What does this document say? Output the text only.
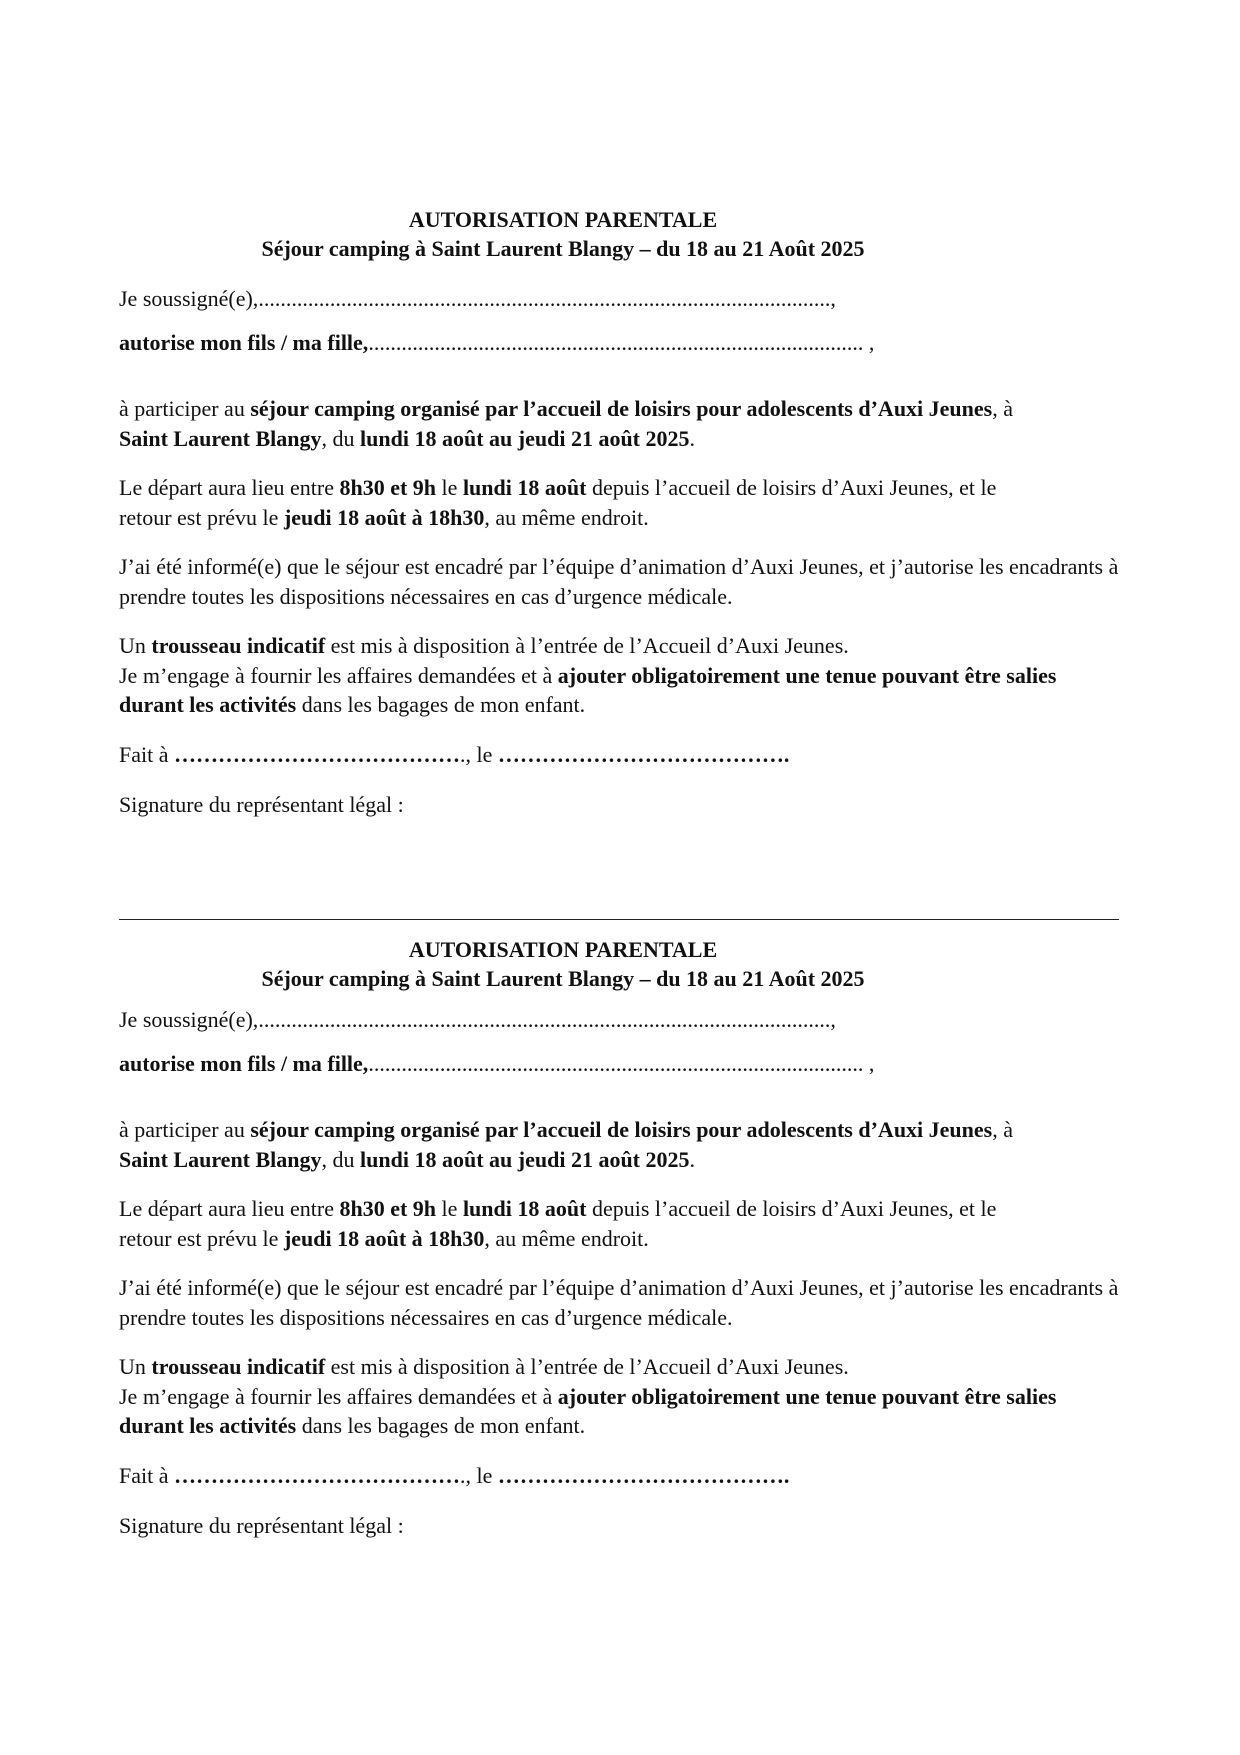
AUTORISATION PARENTALE

Séjour camping à Saint Laurent Blangy – du 18 au 21 Août 2025

Je soussigné(e),........................................................................................................,

autorise mon fils / ma fille,.......................................................................................... ,

à participer au séjour camping organisé par l’accueil de loisirs pour adolescents d’Auxi Jeunes, à Saint Laurent Blangy, du lundi 18 août au jeudi 21 août 2025.

Le départ aura lieu entre 8h30 et 9h le lundi 18 août depuis l’accueil de loisirs d’Auxi Jeunes, et le retour est prévu le jeudi 18 août à 18h30, au même endroit.

J’ai été informé(e) que le séjour est encadré par l’équipe d’animation d’Auxi Jeunes, et j’autorise les encadrants à prendre toutes les dispositions nécessaires en cas d’urgence médicale.

Un trousseau indicatif est mis à disposition à l’entrée de l’Accueil d’Auxi Jeunes.

Je m’engage à fournir les affaires demandées et à ajouter obligatoirement une tenue pouvant être salies durant les activités dans les bagages de mon enfant.

Fait à …………………………………., le ………………………………….

Signature du représentant légal :

AUTORISATION PARENTALE

Séjour camping à Saint Laurent Blangy – du 18 au 21 Août 2025

Je soussigné(e),........................................................................................................,

autorise mon fils / ma fille,.......................................................................................... ,

à participer au séjour camping organisé par l’accueil de loisirs pour adolescents d’Auxi Jeunes, à Saint Laurent Blangy, du lundi 18 août au jeudi 21 août 2025.

Le départ aura lieu entre 8h30 et 9h le lundi 18 août depuis l’accueil de loisirs d’Auxi Jeunes, et le retour est prévu le jeudi 18 août à 18h30, au même endroit.

J’ai été informé(e) que le séjour est encadré par l’équipe d’animation d’Auxi Jeunes, et j’autorise les encadrants à prendre toutes les dispositions nécessaires en cas d’urgence médicale.

Un trousseau indicatif est mis à disposition à l’entrée de l’Accueil d’Auxi Jeunes.

Je m’engage à fournir les affaires demandées et à ajouter obligatoirement une tenue pouvant être salies durant les activités dans les bagages de mon enfant.

Fait à …………………………………., le ………………………………….

Signature du représentant légal :
